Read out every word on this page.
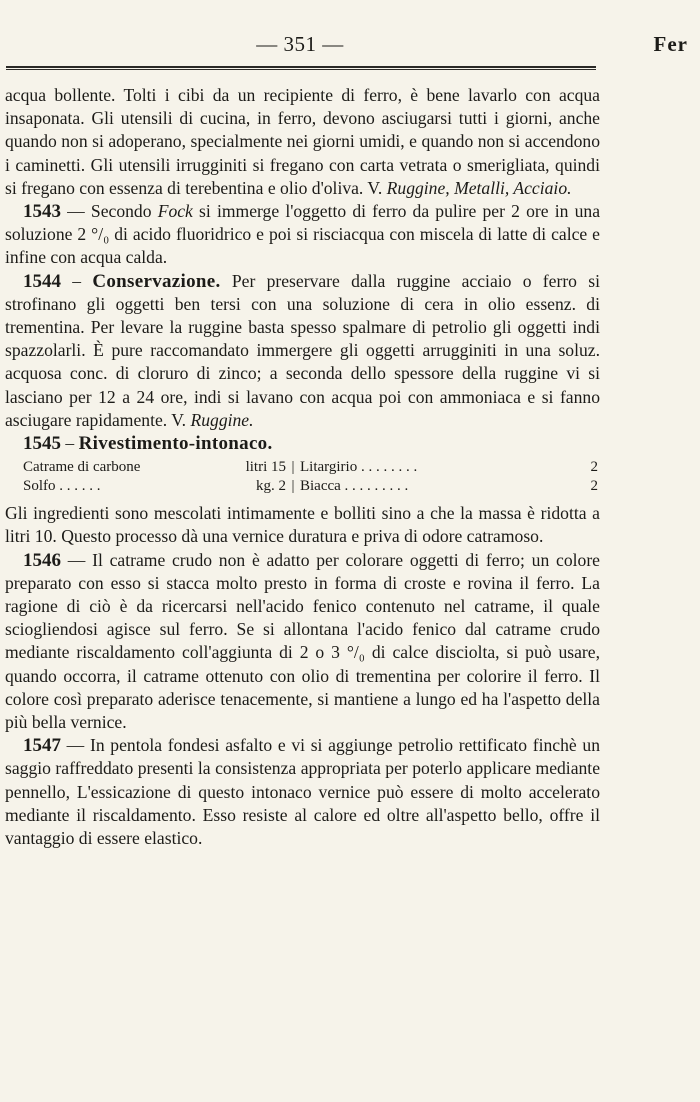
— 351 —	Fer

acqua bollente. Tolti i cibi da un recipiente di ferro, è bene lavarlo con acqua insaponata. Gli utensili di cucina, in ferro, devono asciugarsi tutti i giorni, anche quando non si adoperano, specialmente nei giorni umidi, e quando non si accendono i caminetti. Gli utensili irrugginiti si fregano con carta vetrata o smerigliata, quindi si fregano con essenza di terebentina e olio d'oliva. V. Ruggine, Metalli, Acciaio.

1543 — Secondo Fock si immerge l'oggetto di ferro da pulire per 2 ore in una soluzione 2 °/₀ di acido fluoridrico e poi si risciacqua con miscela di latte di calce e infine con acqua calda.

1544 – Conservazione. Per preservare dalla ruggine acciaio o ferro si strofinano gli oggetti ben tersi con una soluzione di cera in olio essenz. di trementina. Per levare la ruggine basta spesso spalmare di petrolio gli oggetti indi spazzolarli. È pure raccomandato immergere gli oggetti arrugginiti in una soluz. acquosa conc. di clorurо di zinco; a seconda dello spessore della ruggine vi si lasciano per 12 a 24 ore, indi si lavano con acqua poi con ammoniaca e si fanno asciugare rapidamente. V. Ruggine.

1545 – Rivestimento-intonaco.

Catrame di carbone	litri 15 | Litargirio . . . . . . . .	2
Solfo . . . . . .	kg. 2 | Biacca . . . . . . . . .	2

Gli ingredienti sono mescolati intimamente e bolliti sino a che la massa è ridotta a litri 10. Questo processo dà una vernice duratura e priva di odore catramoso.

1546 — Il catrame crudo non è adatto per colorare oggetti di ferro; un colore preparato con esso si stacca molto presto in forma di croste e rovina il ferro. La ragione di ciò è da ricercarsi nell'acido fenico contenuto nel catrame, il quale sciogliendosi agisce sul ferro. Se si allontana l'acido fenico dal catrame crudo mediante riscaldamento coll'aggiunta di 2 o 3 °/₀ di calce disciolta, si può usare, quando occorra, il catrame ottenuto con olio di trementina per colorire il ferro. Il colore così preparato aderisce tenacemente, si mantiene a lungo ed ha l'aspetto della più bella vernice.

1547 — In pentola fondesi asfalto e vi si aggiunge petrolio rettificato finchè un saggio raffreddato presenti la consistenza appropriata per poterlo applicare mediante pennello, L'essicazione di questo intonaco vernice può essere di molto accelerato mediante il riscaldamento. Esso resiste al calore ed oltre all'aspetto bello, offre il vantaggio di essere elastico.
